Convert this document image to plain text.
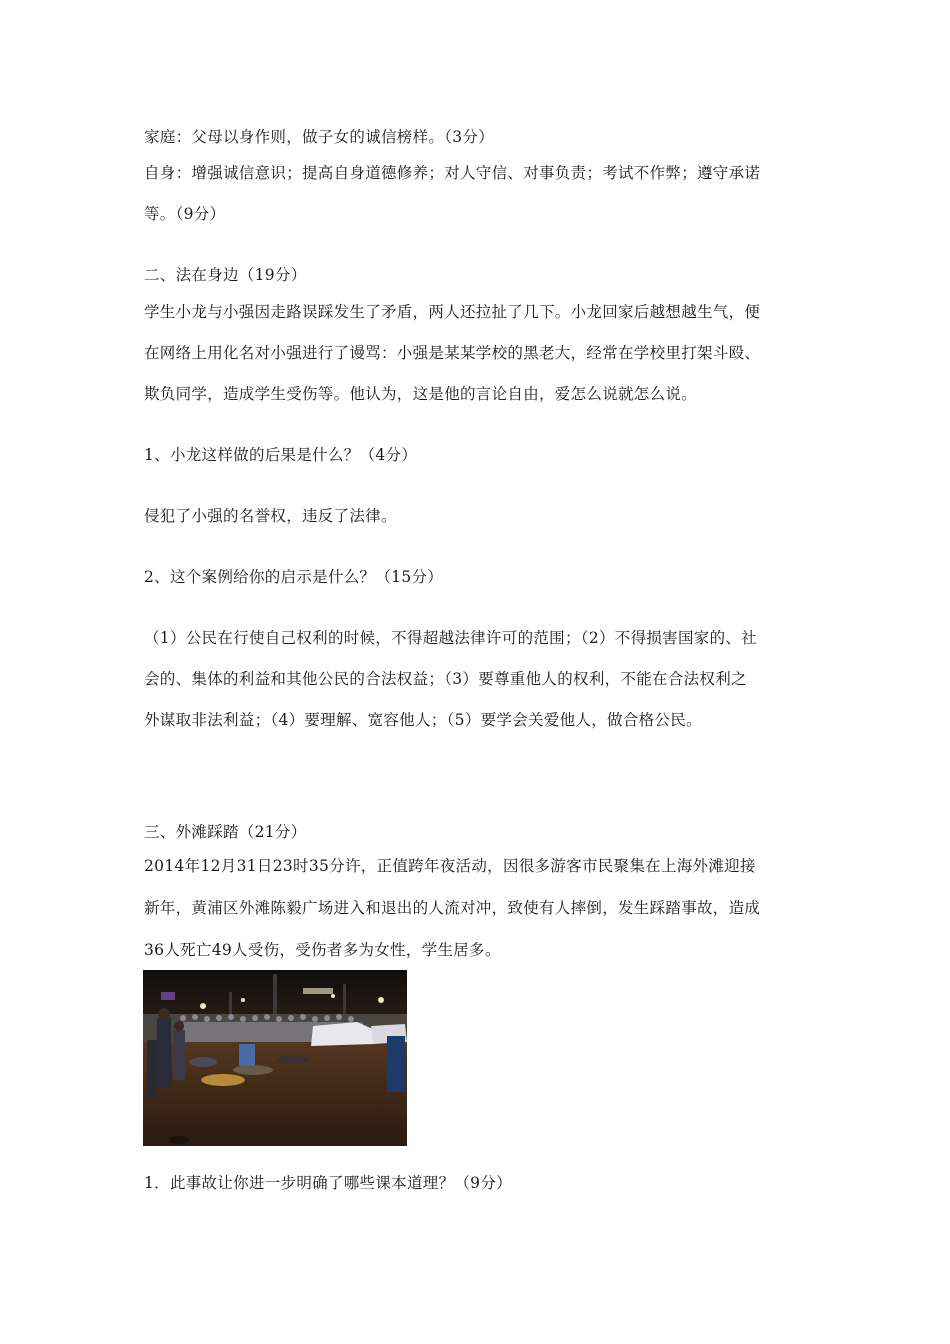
家庭：父母以身作则，做子女的诚信榜样。（3分）
自身：增强诚信意识；提高自身道德修养；对人守信、对事负责；考试不作弊；遵守承诺
等。（9分）
二、法在身边（19分）
学生小龙与小强因走路误踩发生了矛盾，两人还拉扯了几下。小龙回家后越想越生气，便
在网络上用化名对小强进行了谩骂：小强是某某学校的黑老大，经常在学校里打架斗殴、
欺负同学，造成学生受伤等。他认为，这是他的言论自由，爱怎么说就怎么说。
1、小龙这样做的后果是什么？（4分）
侵犯了小强的名誉权，违反了法律。
2、这个案例给你的启示是什么？（15分）
（1）公民在行使自己权利的时候，不得超越法律许可的范围；（2）不得损害国家的、社
会的、集体的利益和其他公民的合法权益；（3）要尊重他人的权利，不能在合法权利之
外谋取非法利益；（4）要理解、宽容他人；（5）要学会关爱他人，做合格公民。
三、外滩踩踏（21分）
2014年12月31日23时35分许，正值跨年夜活动，因很多游客市民聚集在上海外滩迎接
新年，黄浦区外滩陈毅广场进入和退出的人流对冲，致使有人摔倒，发生踩踏事故，造成
36人死亡49人受伤，受伤者多为女性，学生居多。
1．此事故让你进一步明确了哪些课本道理？（9分）
